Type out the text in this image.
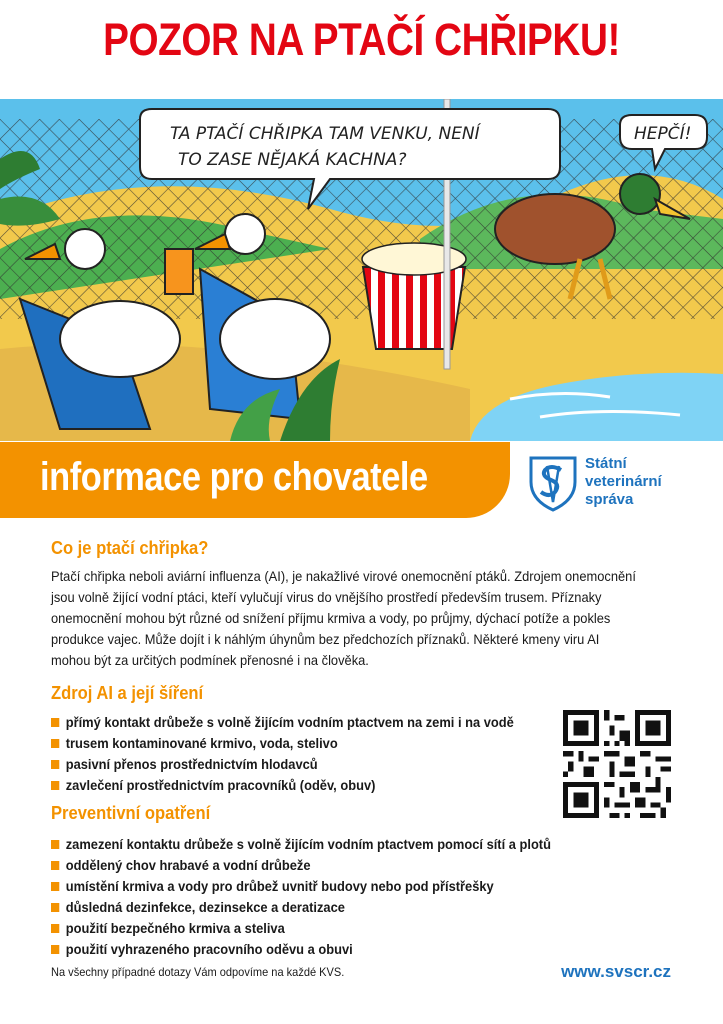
POZOR NA PTAČÍ CHŘIPKU!
TA PTAČÍ CHŘIPKA TAM VENKU, NENÍ
TO ZASE NĚJAKÁ KACHNA?
HEPČÍ!
informace pro chovatele	Státní
veterinární
správa
Co je ptačí chřipka?
Ptačí chřipka neboli aviární influenza (AI), je nakažlivé virové onemocnění ptáků. Zdrojem onemocnění
jsou volně žijící vodní ptáci, kteří vylučují virus do vnějšího prostředí především trusem. Příznaky
onemocnění mohou být různé od snížení příjmu krmiva a vody, po průjmy, dýchací potíže a pokles
produkce vajec. Může dojít i k náhlým úhynům bez předchozích příznaků. Některé kmeny viru AI
mohou být za určitých podmínek přenosné i na člověka.
Zdroj AI a její šíření
přímý kontakt drůbeže s volně žijícím vodním ptactvem na zemi i na vodě
trusem kontaminované krmivo, voda, stelivo
pasivní přenos prostřednictvím hlodavců
zavlečení prostřednictvím pracovníků (oděv, obuv)
Preventivní opatření
zamezení kontaktu drůbeže s volně žijícím vodním ptactvem pomocí sítí a plotů
oddělený chov hrabavé a vodní drůbeže
umístění krmiva a vody pro drůbež uvnitř budovy nebo pod přístřešky
důsledná dezinfekce, dezinsekce a deratizace
použití bezpečného krmiva a steliva
použití vyhrazeného pracovního oděvu a obuvi
Na všechny případné dotazy Vám odpovíme na každé KVS.	www.svscr.cz
